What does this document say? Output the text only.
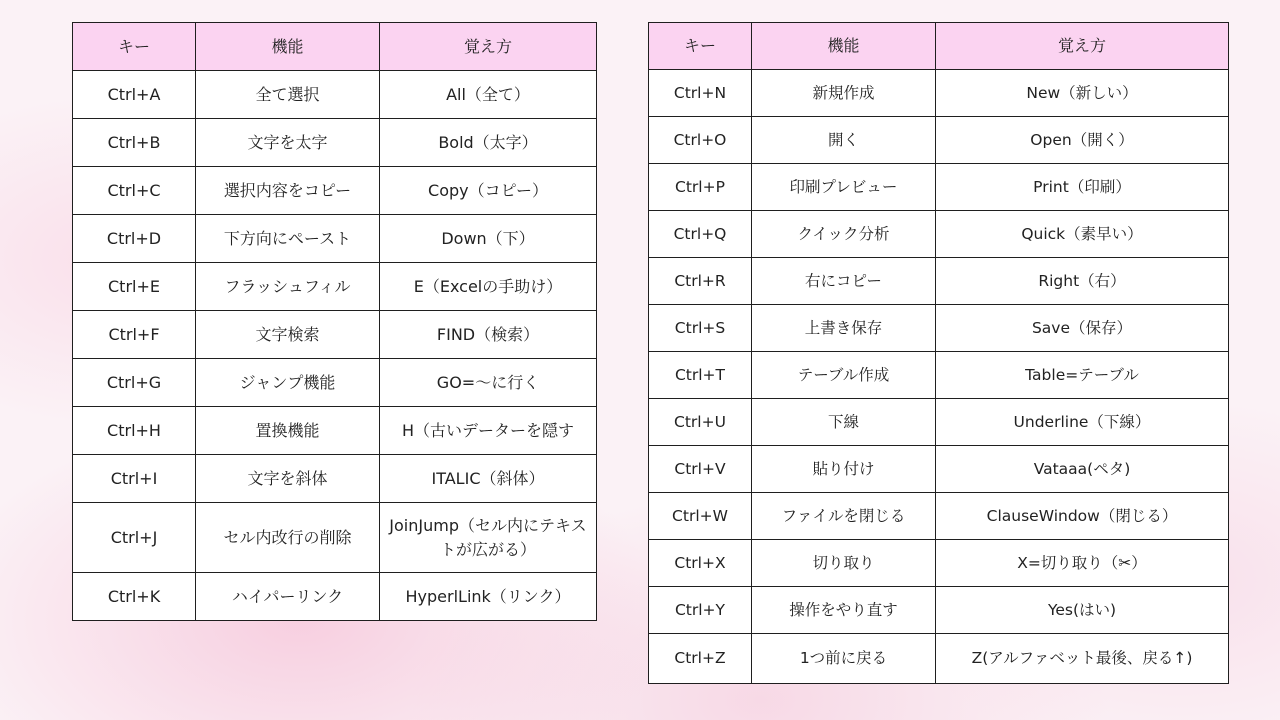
キー	機能	覚え方
Ctrl+A	全て選択	All（全て）
Ctrl+B	文字を太字	Bold（太字）
Ctrl+C	選択内容をコピー	Copy（コピー）
Ctrl+D	下方向にペースト	Down（下）
Ctrl+E	フラッシュフィル	E（Excelの手助け）
Ctrl+F	文字検索	FIND（検索）
Ctrl+G	ジャンプ機能	GO=〜に行く
Ctrl+H	置換機能	H（古いデーターを隠す
Ctrl+I	文字を斜体	ITALIC（斜体）
Ctrl+J	セル内改行の削除	JoinJump（セル内にテキストが広がる）
Ctrl+K	ハイパーリンク	HyperlLink（リンク）
キー	機能	覚え方
Ctrl+N	新規作成	New（新しい）
Ctrl+O	開く	Open（開く）
Ctrl+P	印刷プレビュー	Print（印刷）
Ctrl+Q	クイック分析	Quick（素早い）
Ctrl+R	右にコピー	Right（右）
Ctrl+S	上書き保存	Save（保存）
Ctrl+T	テーブル作成	Table=テーブル
Ctrl+U	下線	Underline（下線）
Ctrl+V	貼り付け	Vataaa(ペタ)
Ctrl+W	ファイルを閉じる	ClauseWindow（閉じる）
Ctrl+X	切り取り	X=切り取り（✂）
Ctrl+Y	操作をやり直す	Yes(はい)
Ctrl+Z	1つ前に戻る	Z(アルファベット最後、戻る↑)
